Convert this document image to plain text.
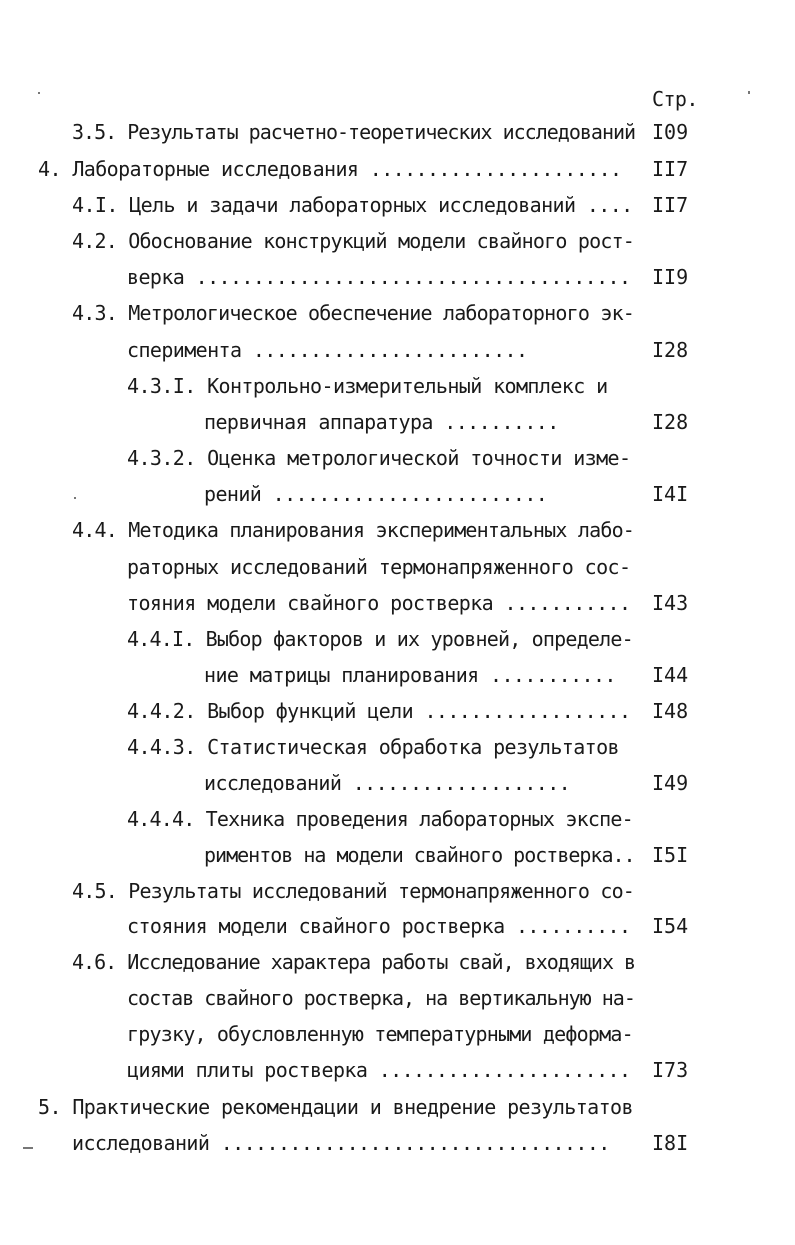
Стр.
3.5. Результаты расчетно-теоретических исследований I09
4. Лабораторные исследования ...................... II7
4.I. Цель и задачи лабораторных исследований .... II7
4.2. Обоснование конструкций модели свайного рост-
верка ...................................... II9
4.3. Метрологическое обеспечение лабораторного эк-
сперимента ........................	I28
4.3.I. Контрольно-измерительный комплекс и
первичная аппаратура ..........	I28
4.3.2. Оценка метрологической точности изме-
рений ........................	I4I
4.4. Методика планирования экспериментальных лабо-
раторных исследований термонапряженного сос-
тояния модели свайного ростверка ........... I43
4.4.I. Выбор факторов и их уровней, определе-
ние матрицы планирования ........... I44
4.4.2. Выбор функций цели .................. I48
4.4.3. Статистическая обработка результатов
исследований ...................	I49
4.4.4. Техника проведения лабораторных экспе-
риментов на модели свайного ростверка.. I5I
4.5. Результаты исследований термонапряженного со-
стояния модели свайного ростверка .......... I54
4.6. Исследование характера работы свай, входящих в
состав свайного ростверка, на вертикальную на-
грузку, обусловленную температурными деформа-
циями плиты ростверка ...................... I73
5. Практические рекомендации и внедрение результатов
исследований .................................. I8I
